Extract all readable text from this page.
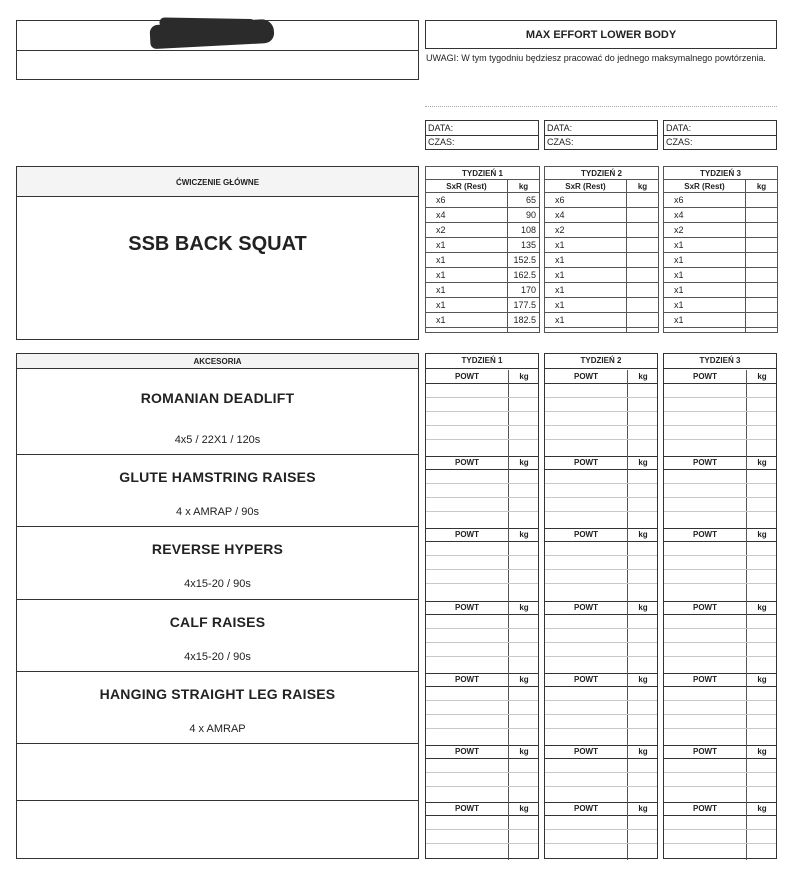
MAX EFFORT LOWER BODY
UWAGI: W tym tygodniu będziesz pracować do jednego maksymalnego powtórzenia.
DATA:
CZAS:
DATA:
CZAS:
DATA:
CZAS:
ĆWICZENIE GŁÓWNE
SSB BACK SQUAT
TYDZIEŃ 1	
SxR (Rest)	kg
x6	65
x4	90
x2	108
x1	135
x1	152.5
x1	162.5
x1	170
x1	177.5
x1	182.5

TYDZIEŃ 2	
SxR (Rest)	kg
x6	
x4	
x2	
x1	
x1	
x1	
x1	
x1	
x1	

TYDZIEŃ 3	
SxR (Rest)	kg
x6	
x4	
x2	
x1	
x1	
x1	
x1	
x1	
x1	

AKCESORIA
ROMANIAN DEADLIFT
4x5 / 22X1 / 120s
GLUTE HAMSTRING RAISES
4 x AMRAP / 90s
REVERSE HYPERS
4x15-20 / 90s
CALF RAISES
4x15-20 / 90s
HANGING STRAIGHT LEG RAISES
4 x AMRAP
TYDZIEŃ 1
POWT	kg
POWT	kg
POWT	kg
POWT	kg
POWT	kg
POWT	kg
POWT	kg
TYDZIEŃ 2
POWT	kg
POWT	kg
POWT	kg
POWT	kg
POWT	kg
POWT	kg
POWT	kg
TYDZIEŃ 3
POWT	kg
POWT	kg
POWT	kg
POWT	kg
POWT	kg
POWT	kg
POWT	kg
